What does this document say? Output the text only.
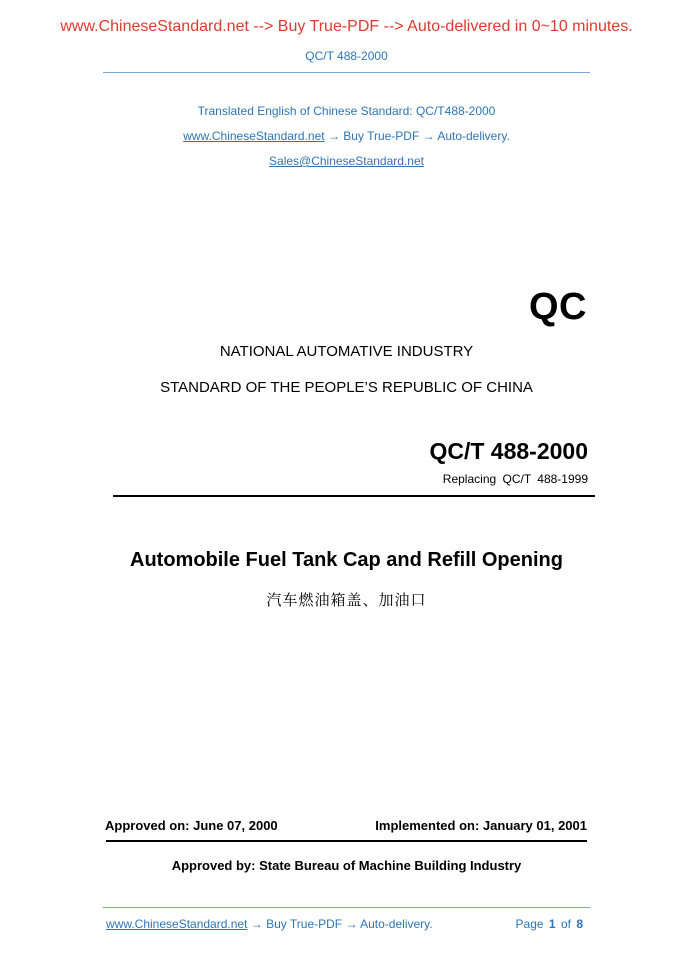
www.ChineseStandard.net --> Buy True-PDF --> Auto-delivered in 0~10 minutes.
QC/T 488-2000
Translated English of Chinese Standard: QC/T488-2000
www.ChineseStandard.net → Buy True-PDF → Auto-delivery.
Sales@ChineseStandard.net
QC
NATIONAL AUTOMATIVE INDUSTRY
STANDARD OF THE PEOPLE’S REPUBLIC OF CHINA
QC/T 488-2000
Replacing QC/T 488-1999
Automobile Fuel Tank Cap and Refill Opening
汽车燃油箱盖、加油口
Approved on: June 07, 2000	Implemented on: January 01, 2001
Approved by: State Bureau of Machine Building Industry
www.ChineseStandard.net → Buy True-PDF → Auto-delivery.	Page 1 of 8
